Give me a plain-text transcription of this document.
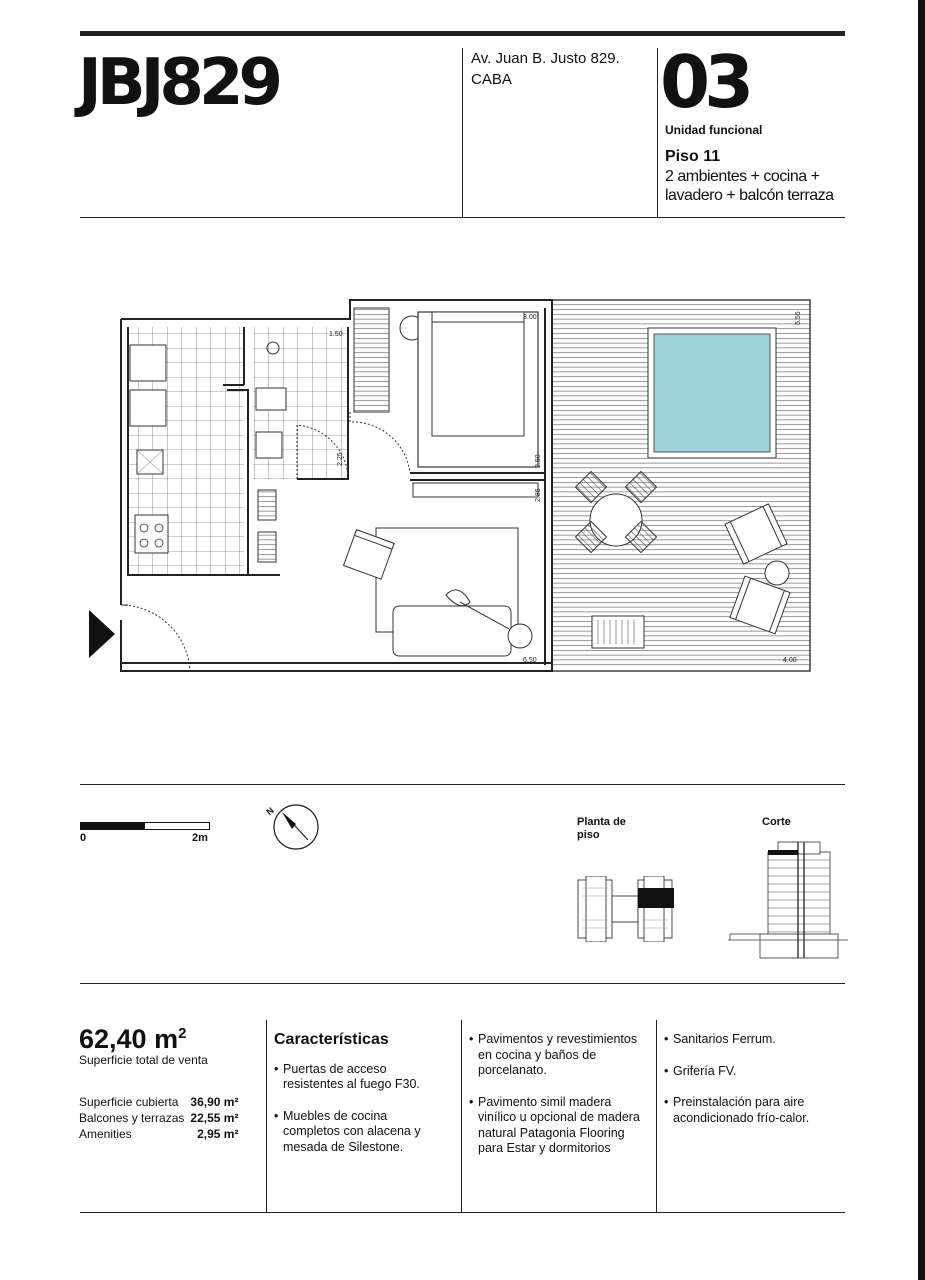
JBJ829	Av. Juan B. Justo 829.
CABA	03
Unidad funcional
Piso 11
2 ambientes + cocina + lavadero + balcón terraza
1.50
3.00	5.55
2.25	2.50
2.85
6.50	4.00
0	2m
N
Planta de piso
Corte
62,40 $m^2$
Superficie total de venta
Superficie cubierta	36,90 m²
Balcones y terrazas	22,55 m²
Amenities	2,95 m²
Características
• Puertas de acceso resistentes al fuego F30.
• Muebles de cocina completos con alacena y mesada de Silestone.
• Pavimentos y revestimientos en cocina y baños de porcelanato.
• Pavimento simil madera vinílico u opcional de madera natural Patagonia Flooring para Estar y dormitorios
• Sanitarios Ferrum.
• Grifería FV.
• Preinstalación para aire acondicionado frío-calor.
